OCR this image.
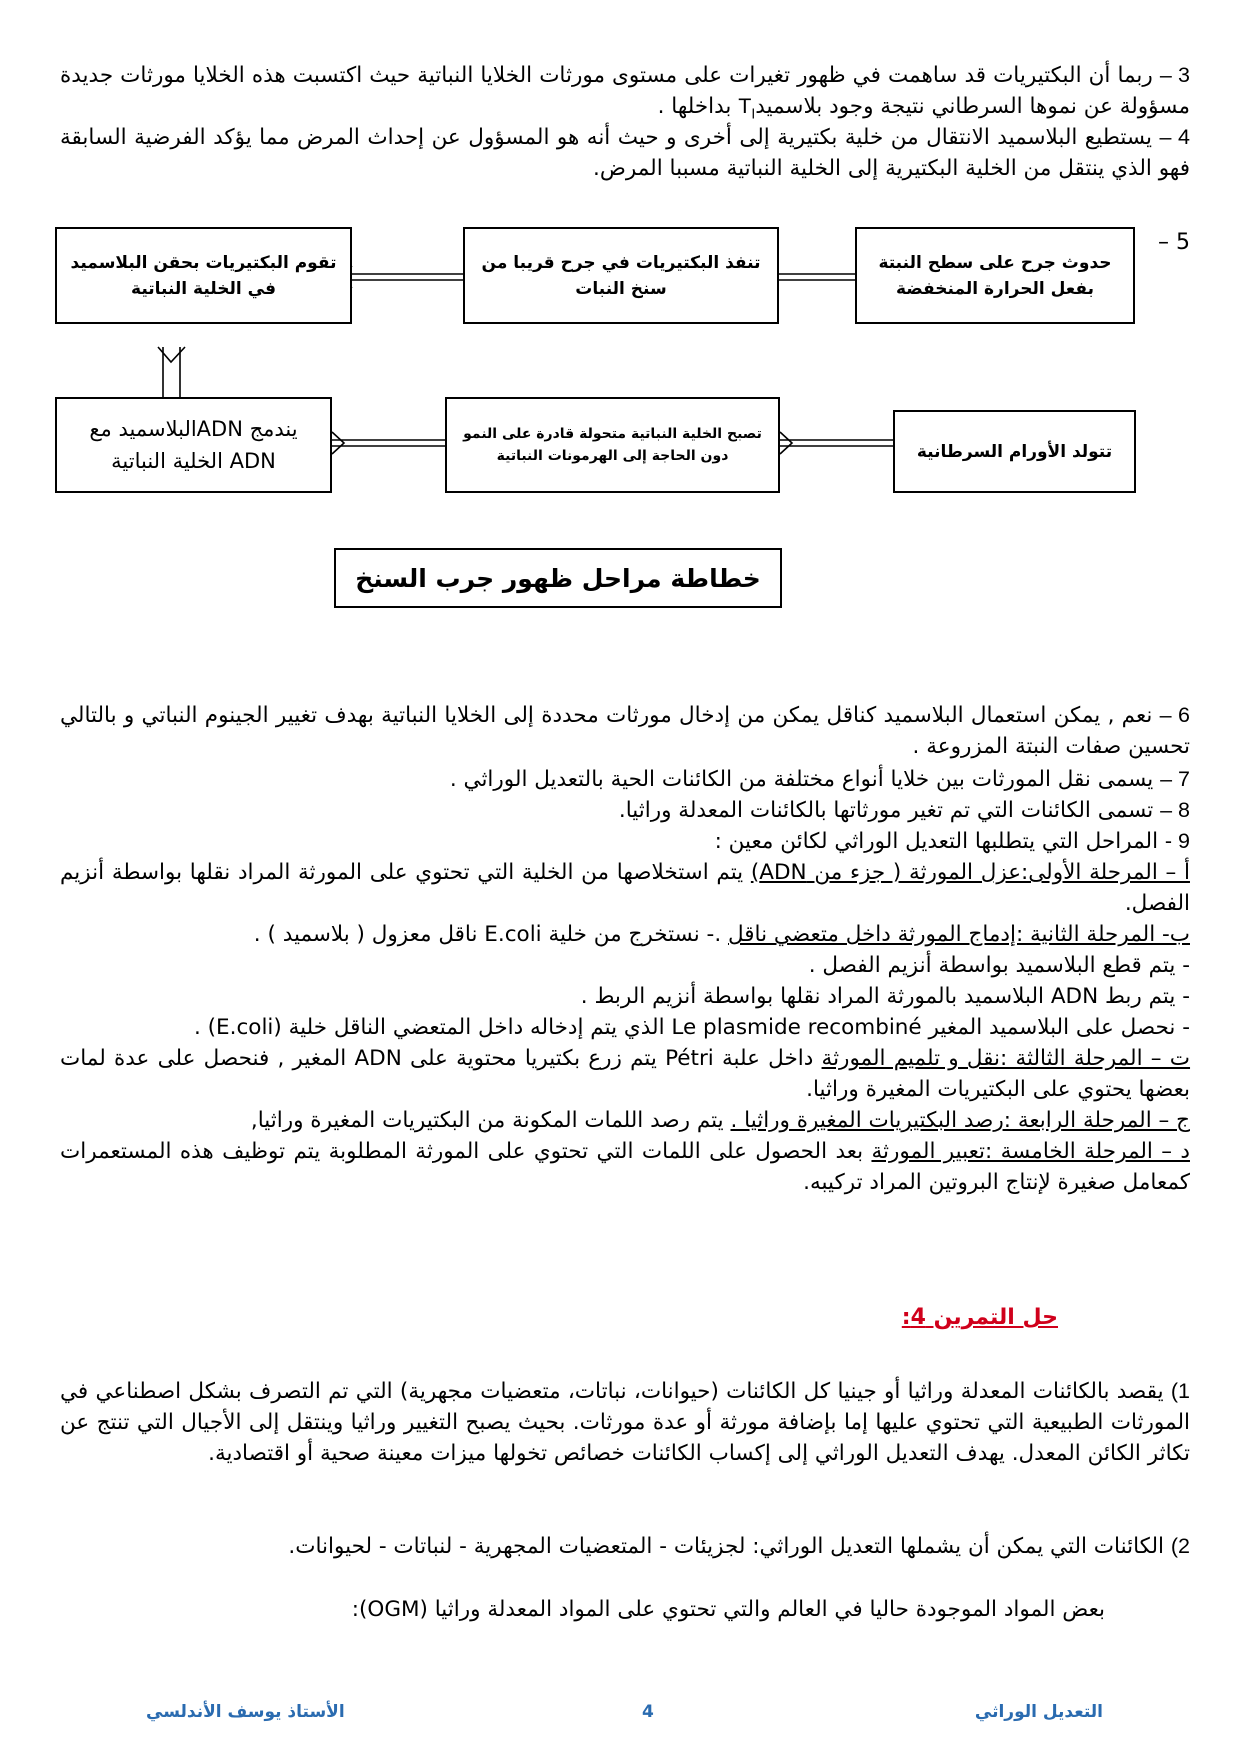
3 – ربما أن البكتيريات قد ساهمت في ظهور تغيرات على مستوى مورثات الخلايا النباتية حيث اكتسبت هذه الخلايا مورثات جديدة مسؤولة عن نموها السرطاني نتيجة وجود بلاسميدT$_I$ بداخلها .
4 – يستطيع البلاسميد الانتقال من خلية بكتيرية إلى أخرى و حيث أنه هو المسؤول عن إحداث المرض مما يؤكد الفرضية السابقة فهو الذي ينتقل من الخلية البكتيرية إلى الخلية النباتية مسببا المرض.
5 –
حدوث جرح على سطح النبتة بفعل الحرارة المنخفضة
تنفذ البكتيريات في جرح قريبا من سنخ النبات
تقوم البكتيريات بحقن البلاسميد في الخلية النباتية
يندمج ADNالبلاسميد مع ADN الخلية النباتية
تصبح الخلية النباتية متحولة قادرة على النمو دون الحاجة إلى الهرمونات النباتية	تتولد الأورام السرطانية
خطاطة مراحل ظهور جرب السنخ
6 – نعم , يمكن استعمال البلاسميد كناقل يمكن من إدخال مورثات محددة إلى الخلايا النباتية بهدف تغيير الجينوم النباتي و بالتالي تحسين صفات النبتة المزروعة .
7 – يسمى نقل المورثات بين خلايا أنواع مختلفة من الكائنات الحية بالتعديل الوراثي .
8 – تسمى الكائنات التي تم تغير مورثاتها بالكائنات المعدلة وراثيا.
9 - المراحل التي يتطلبها التعديل الوراثي لكائن معين :
أ – المرحلة الأولى:عزل المورثة ( جزء من ADN) يتم استخلاصها من الخلية التي تحتوي على المورثة المراد نقلها بواسطة أنزيم الفصل.
ب- المرحلة الثانية :إدماج المورثة داخل متعضي ناقل .- نستخرج من خلية E.coli ناقل معزول ( بلاسميد ) .
- يتم قطع البلاسميد بواسطة أنزيم الفصل .
- يتم ربط ADN البلاسميد بالمورثة المراد نقلها بواسطة أنزيم الربط .
- نحصل على البلاسميد المغير Le plasmide recombiné الذي يتم إدخاله داخل المتعضي الناقل خلية (E.coli) .
ت – المرحلة الثالثة :نقل و تلميم المورثة داخل علبة Pétri يتم زرع بكتيريا محتوية على ADN المغير , فنحصل على عدة لمات بعضها يحتوي على البكتيريات المغيرة وراثيا.
ج – المرحلة الرابعة :رصد البكتيريات المغيرة وراثيا . يتم رصد اللمات المكونة من البكتيريات المغيرة وراثيا,
د – المرحلة الخامسة :تعبير المورثة بعد الحصول على اللمات التي تحتوي على المورثة المطلوبة يتم توظيف هذه المستعمرات كمعامل صغيرة لإنتاج البروتين المراد تركيبه.
حل التمرين 4:
1) يقصد بالكائنات المعدلة وراثيا أو جينيا كل الكائنات (حيوانات، نباتات، متعضيات مجهرية) التي تم التصرف بشكل اصطناعي في المورثات الطبيعية التي تحتوي عليها إما بإضافة مورثة أو عدة مورثات. بحيث يصبح التغيير وراثيا وينتقل إلى الأجيال التي تنتج عن تكاثر الكائن المعدل. يهدف التعديل الوراثي إلى إكساب الكائنات خصائص تخولها ميزات معينة صحية أو اقتصادية.
2) الكائنات التي يمكن أن يشملها التعديل الوراثي: لجزيئات - المتعضيات المجهرية - لنباتات - لحيوانات.
بعض المواد الموجودة حاليا في العالم والتي تحتوي على المواد المعدلة وراثيا (OGM):
التعديل الوراثي
4
الأستاذ يوسف الأندلسي
